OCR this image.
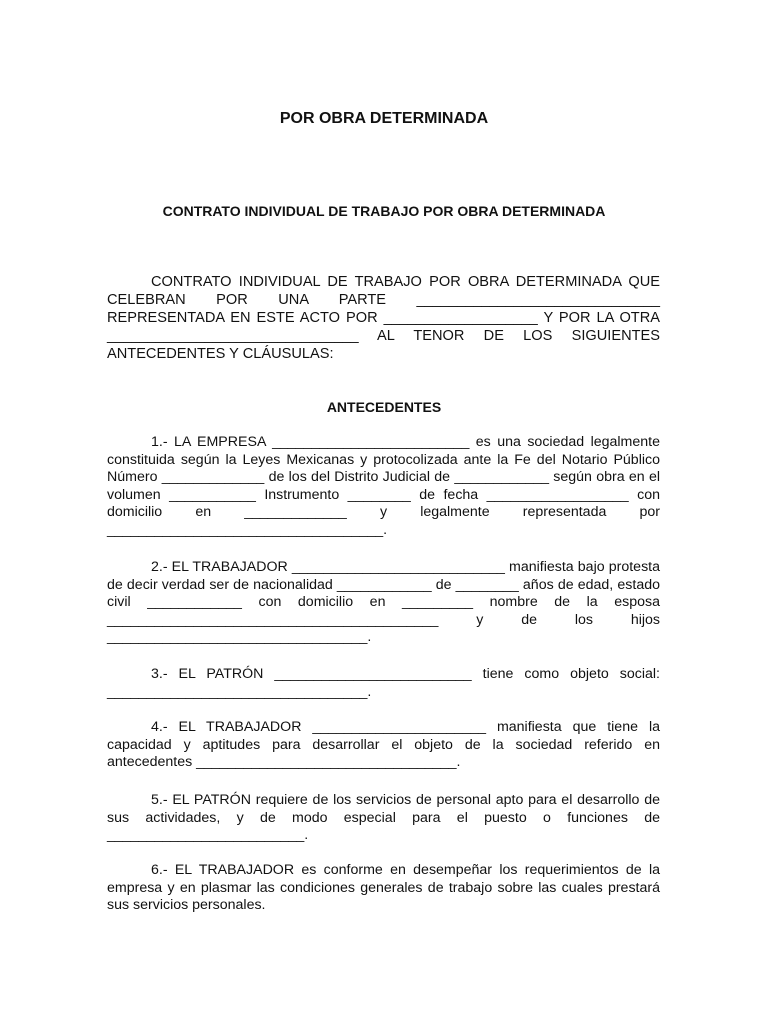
POR OBRA DETERMINADA
CONTRATO INDIVIDUAL DE TRABAJO POR OBRA DETERMINADA

CONTRATO INDIVIDUAL DE TRABAJO POR OBRA DETERMINADA QUE CELEBRAN POR UNA PARTE ______________________________ REPRESENTADA EN ESTE ACTO POR ___________________ Y POR LA OTRA _______________________________ AL TENOR DE LOS SIGUIENTES ANTECEDENTES Y CLÁUSULAS:

ANTECEDENTES

1.- LA EMPRESA _________________________ es una sociedad legalmente constituida según la Leyes Mexicanas y protocolizada ante la Fe del Notario Público Número _____________ de los del Distrito Judicial de ____________ según obra en el volumen ___________ Instrumento ________ de fecha __________________ con domicilio en _____________ y legalmente representada por ___________________________________.

2.- EL TRABAJADOR ___________________________ manifiesta bajo protesta de decir verdad ser de nacionalidad ____________ de ________ años de edad, estado civil ____________ con domicilio en _________ nombre de la esposa __________________________________________ y de los hijos _________________________________.

3.- EL PATRÓN _________________________ tiene como objeto social: _________________________________.

4.- EL TRABAJADOR ______________________ manifiesta que tiene la capacidad y aptitudes para desarrollar el objeto de la sociedad referido en antecedentes _________________________________.

5.- EL PATRÓN requiere de los servicios de personal apto para el desarrollo de sus actividades, y de modo especial para el puesto o funciones de _________________________.

6.- EL TRABAJADOR es conforme en desempeñar los requerimientos de la empresa y en plasmar las condiciones generales de trabajo sobre las cuales prestará sus servicios personales.
